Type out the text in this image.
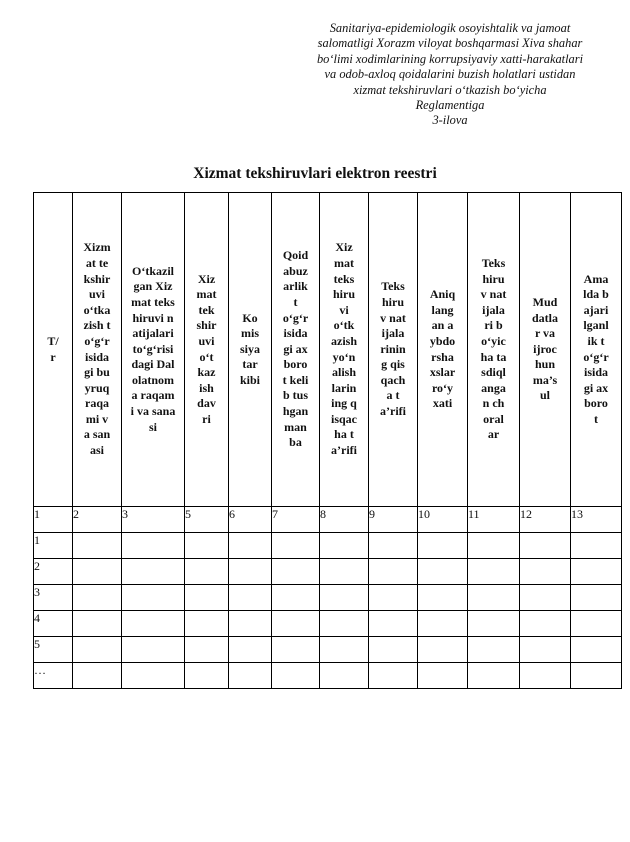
Sanitariya-epidemiologik osoyishtalik va jamoat
salomatligi Xorazm viloyat boshqarmasi Xiva shahar
bo‘limi xodimlarining korrupsiyaviy xatti-harakatlari
va odob-axloq qoidalarini buzish holatlari ustidan
xizmat tekshiruvlari o‘tkazish bo‘yicha
Reglamentiga
3-ilova
Xizmat tekshiruvlari elektron reestri
T/r	Xizmat tekshiruvi o‘tkazish to‘g‘risidagi buyruq raqami va sanasi	O‘tkazilgan Xizmat tekshiruvi natijalari to‘g‘risidagi Dalolatnoma raqami va sanasi	Xizmat tekshiruvi o‘tkazish davri	Komissiya tarkibi	Qoidabuzarlik to‘g‘risidagi axborot kelib tushgan manba	Xizmat tekshiruvi o‘tkazish yo‘nalishlarining qisqacha ta’rifi	Tekshiruv natijalarining qisqacha ta’rifi	Aniqlangan aybdorshaxslar ro‘yxati	Tekshiruv natijalari bo‘yicha tasdiqlangan choralar	Muddatlar va ijrochunma’sul	Amalda bajarilganlik to‘g‘risidagi axborot
1	2	3	5	6	7	8	9	10	11	12	13
1											
2											
3											
4											
5											
…											
